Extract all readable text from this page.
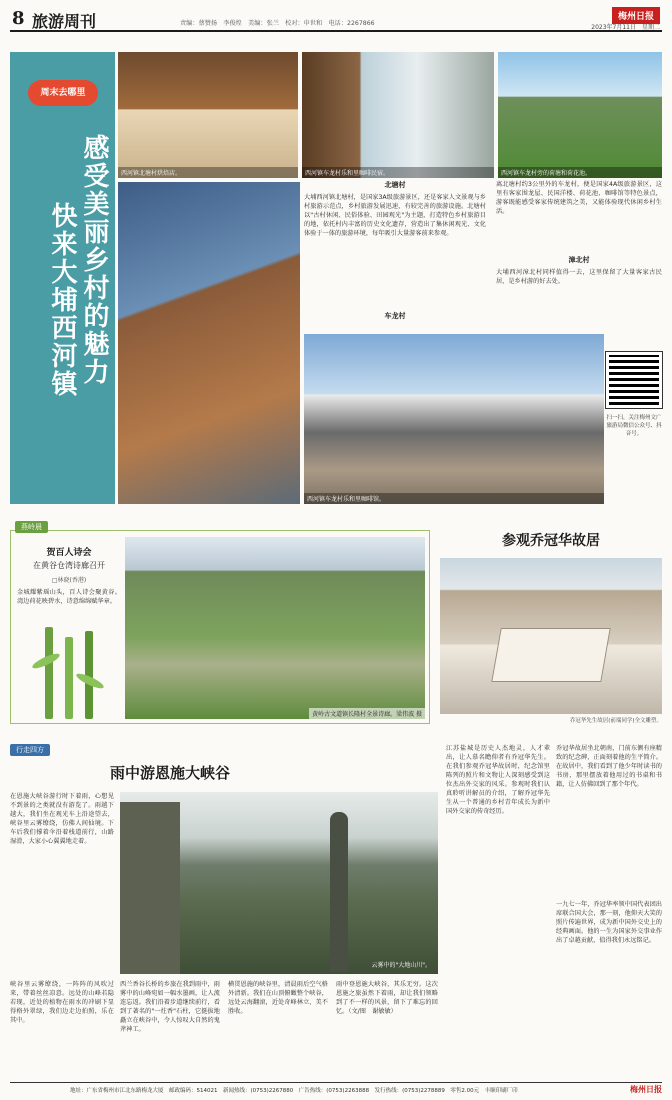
8 旅游周刊	责编：蔡赞扬　李俊煌　美编：张兰　校对：申世和　电话：2267866
梅州日报
2023年7月11日　星期二
周末去哪里
感受美丽乡村的魅力
快来大埔西河镇
西河镇北塘村烘焙店。	西河镇车龙村乐和里咖啡民宿。	西河镇车龙村旁的荷塘和荷花池。
北塘村

大埔西河镇北塘村，是国家3A级旅游景区，还是客家人文景观与乡村旅游示范点，乡村旅游发展迅速，有较完善的旅游设施。北塘村以"古村休闲、民俗体验、田园观光"为主题，打造特色乡村旅游目的地，依托村内丰富的历史文化遗存，营造出了集休闲观光、文化体验于一体的旅游环境，每年吸引大量游客前来参观。

车龙村

离北塘村约3公里外的车龙村，便是国家4A级旅游景区，这里有客家围龙屋、民国洋楼、荷花池、咖啡馆等特色景点，游客既能感受客家传统建筑之美，又能体验现代休闲乡村生活。

漳北村

大埔西河漳北村同样值得一去，这里保留了大量客家古民居，是乡村游的好去处。

西河镇车龙村乐和里咖啡馆。

扫一扫，关注梅州文广旅游局微信公众号、抖音号。

燕岭晨
贺百人诗会
在黄谷仓湾诗廊召开
□林晓(香港)

金城耀紫瑶山头，百人诗会聚黄谷。湾边荷花映碧水，诗意绵绵赋华章。

黄岭古文道镇长隆村全景诗廊。梁伟波 摄
参观乔冠华故居
乔冠华先生故居(前端同学)全文雕塑。
行走四方
雨中游恩施大峡谷
云雾中的"大地山川"。

在恩施大峡谷游行时下着雨，心想见不到景的之类就没有游览了。雨越下越大，我们坐在观光车上沿途望去，峡谷里云雾缭绕，仿佛人间仙境。下车后我们撑着伞沿着栈道前行，山路湿滑，大家小心翼翼地走着。

峡谷里云雾缭绕，一阵阵的风吹过来，带着丝丝凉意。远处的山峰若隐若现，近处的植物在雨水的冲刷下显得格外翠绿，我们边走边拍照，乐在其中。

西兰香谷长桥的乡旅在我到雨中，雨雾中的山峰宛如一幅水墨画，让人流连忘返。我们沿着步道继续前行，看到了著名的"一炷香"石柱，它挺拔地矗立在峡谷中，令人惊叹大自然的鬼斧神工。

横贯恩施的峡谷里，清晨雨后空气格外清新。我们在山顶俯瞰整个峡谷，远处云海翻滚，近处奇峰林立，美不胜收。

雨中登恩施大峡谷，其乐无穷。这次恩施之旅虽然下着雨，却让我们领略到了不一样的风景，留下了难忘的回忆。（文/图　谢敏敏）

江苏盐城是历史人杰地灵，人才辈出，让人慕名瞻仰者有乔冠华先生。在我们参观乔冠华故居时，纪念馆里陈列的照片和文物让人深刻感受到这位杰出外交家的风采。参观时我们认真聆听讲解员的介绍，了解乔冠华先生从一个普通的乡村青年成长为新中国外交家的传奇经历。

乔冠华故居坐北朝南，门前东侧有座精致的纪念碑，正面刻着他的生平简介。在故居中，我们看到了他少年时读书的书房，那里摆放着他用过的书桌和书籍，让人仿佛回到了那个年代。

一九七一年，乔冠华率领中国代表团出席联合国大会，那一刻，他仰天大笑的照片传遍世界，成为新中国外交史上的经典画面。他的一生为国家外交事业作出了卓越贡献，值得我们永远铭记。

地址：广东省梅州市江北东路梅龙大厦　邮政编码：514021　新闻热线：(0753)2267880　广告热线：(0753)2263888　发行热线：(0753)2278889　零售2.00元　丰顺印刷厂印	梅州日报
